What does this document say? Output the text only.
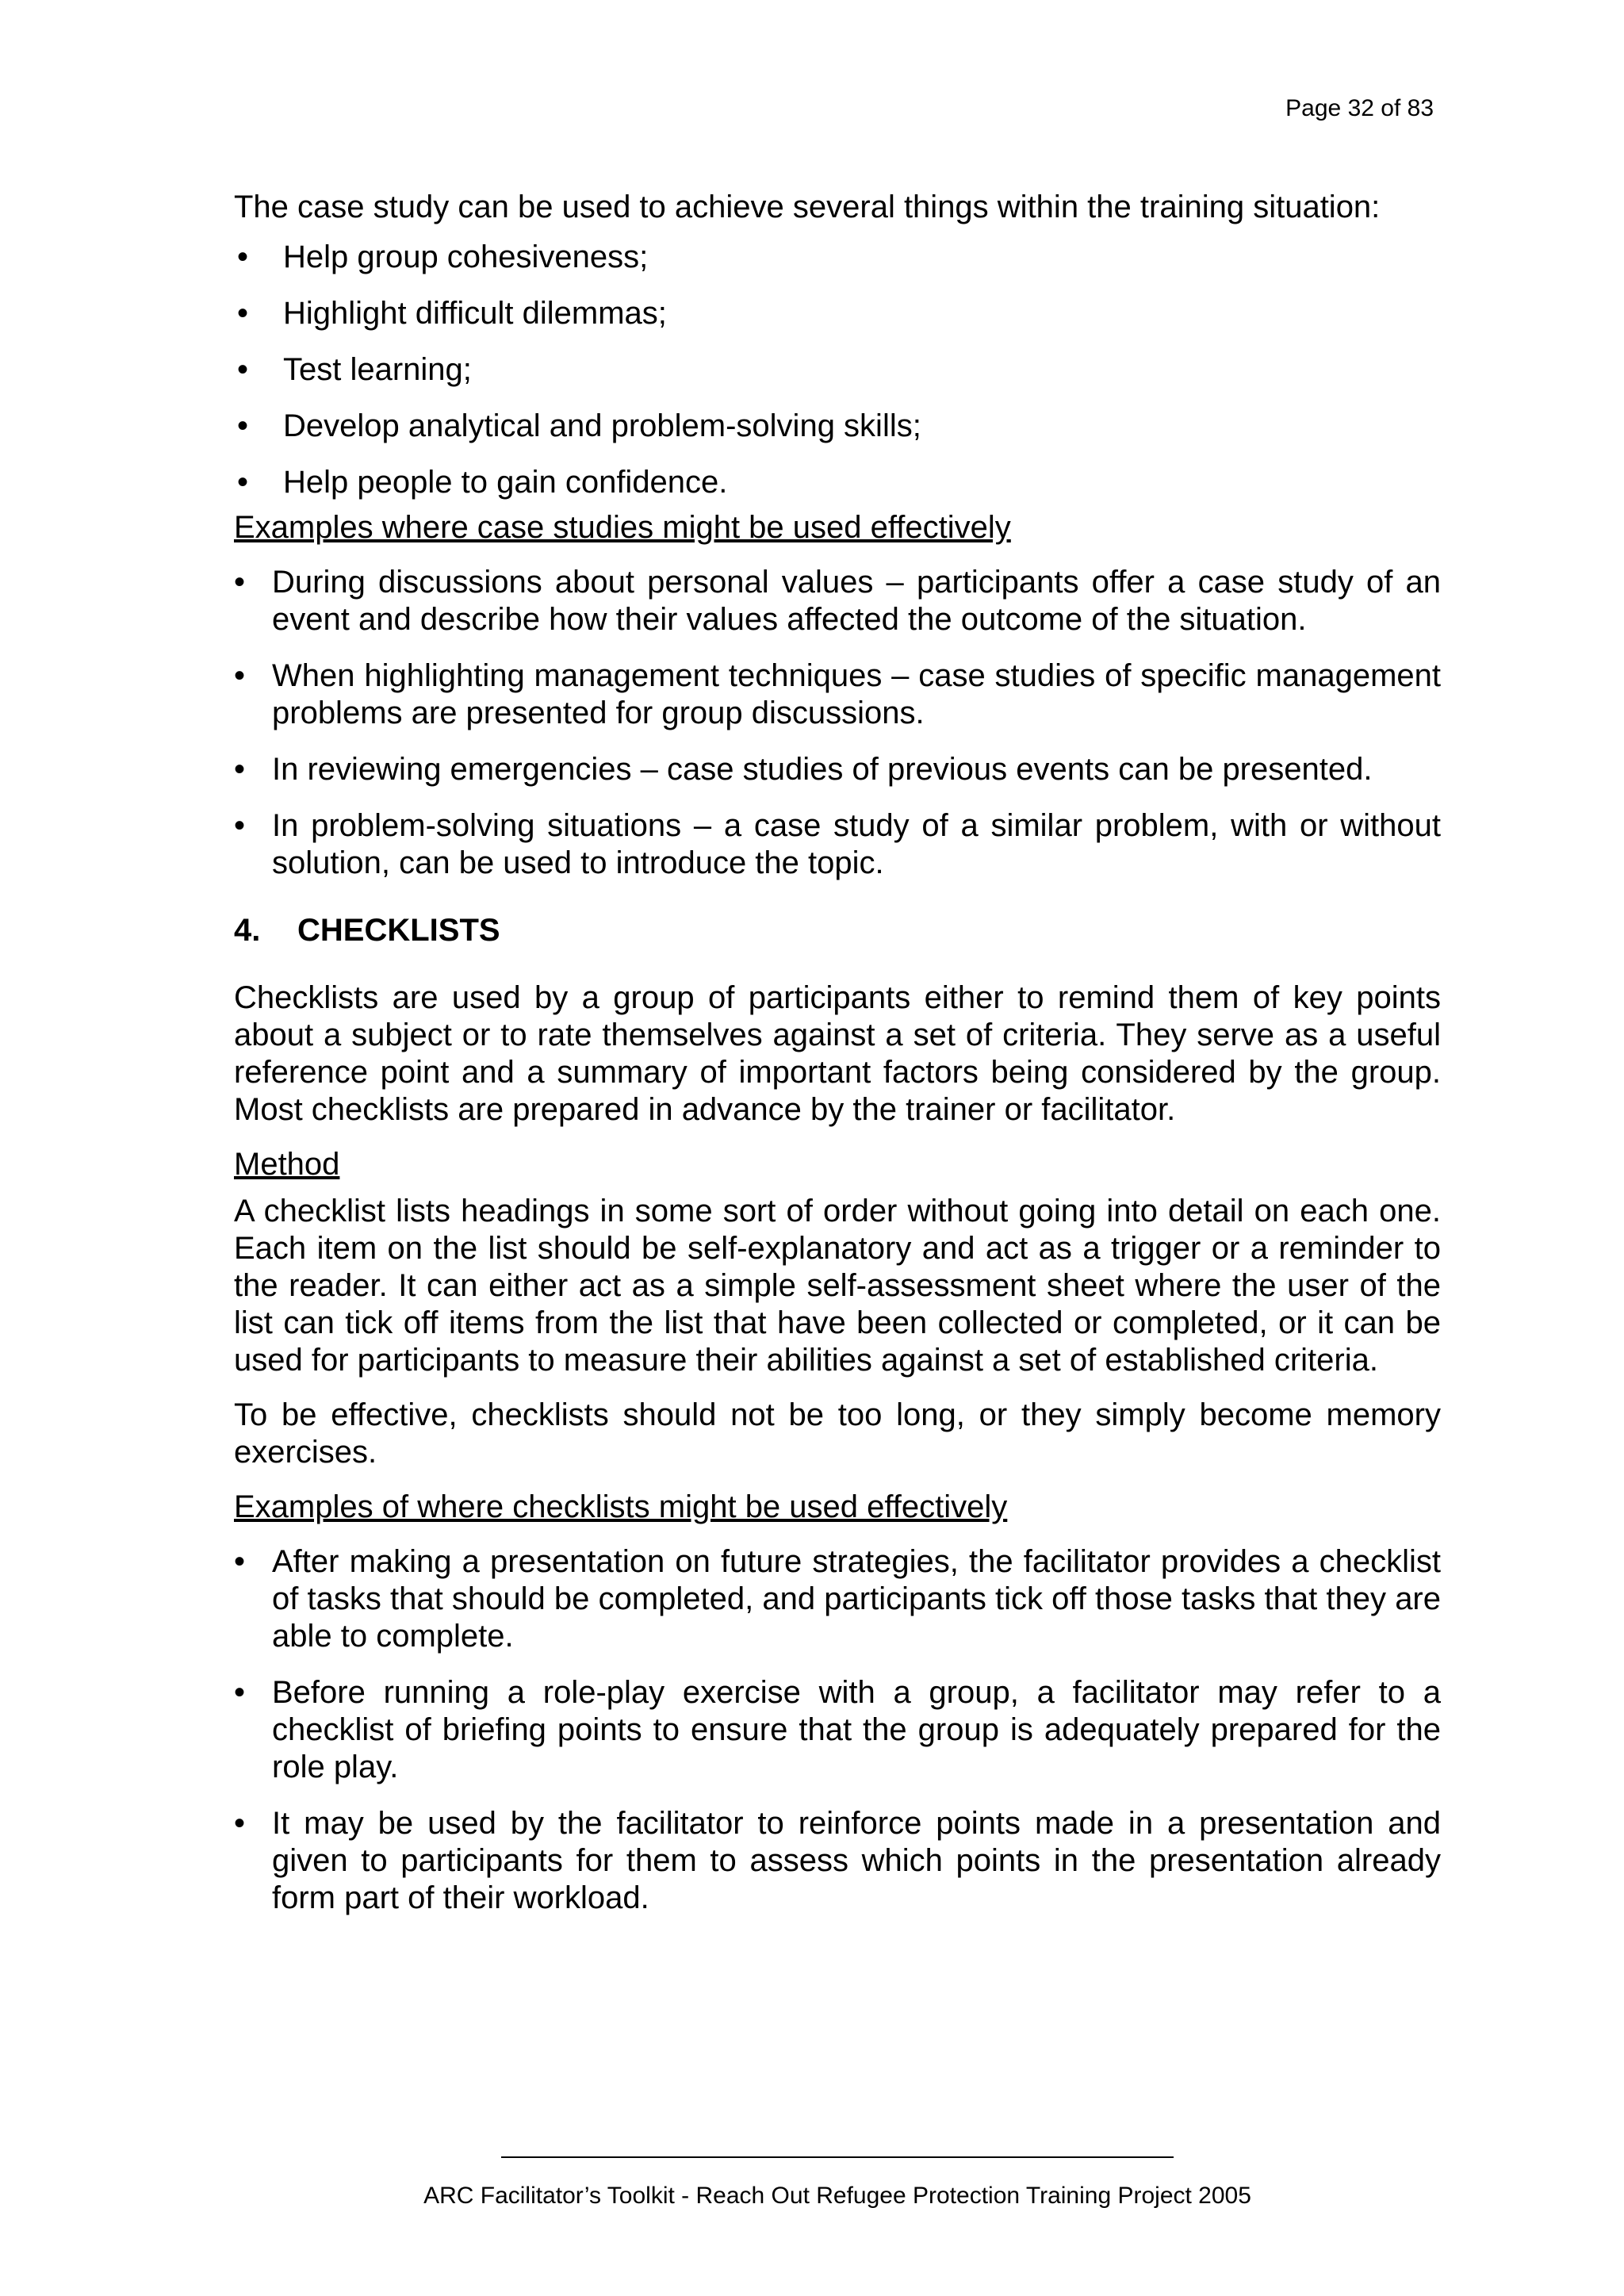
Page 32 of 83

The case study can be used to achieve several things within the training situation:

• Help group cohesiveness;
• Highlight difficult dilemmas;
• Test learning;
• Develop analytical and problem-solving skills;
• Help people to gain confidence.

Examples where case studies might be used effectively

• During discussions about personal values – participants offer a case study of an event and describe how their values affected the outcome of the situation.
• When highlighting management techniques – case studies of specific management problems are presented for group discussions.
• In reviewing emergencies – case studies of previous events can be presented.
• In problem-solving situations – a case study of a similar problem, with or without solution, can be used to introduce the topic.
4. CHECKLISTS

Checklists are used by a group of participants either to remind them of key points about a subject or to rate themselves against a set of criteria. They serve as a useful reference point and a summary of important factors being considered by the group. Most checklists are prepared in advance by the trainer or facilitator.

Method

A checklist lists headings in some sort of order without going into detail on each one. Each item on the list should be self-explanatory and act as a trigger or a reminder to the reader. It can either act as a simple self-assessment sheet where the user of the list can tick off items from the list that have been collected or completed, or it can be used for participants to measure their abilities against a set of established criteria.

To be effective, checklists should not be too long, or they simply become memory exercises.

Examples of where checklists might be used effectively

• After making a presentation on future strategies, the facilitator provides a checklist of tasks that should be completed, and participants tick off those tasks that they are able to complete.
• Before running a role-play exercise with a group, a facilitator may refer to a checklist of briefing points to ensure that the group is adequately prepared for the role play.
• It may be used by the facilitator to reinforce points made in a presentation and given to participants for them to assess which points in the presentation already form part of their workload.
ARC Facilitator’s Toolkit - Reach Out Refugee Protection Training Project 2005
